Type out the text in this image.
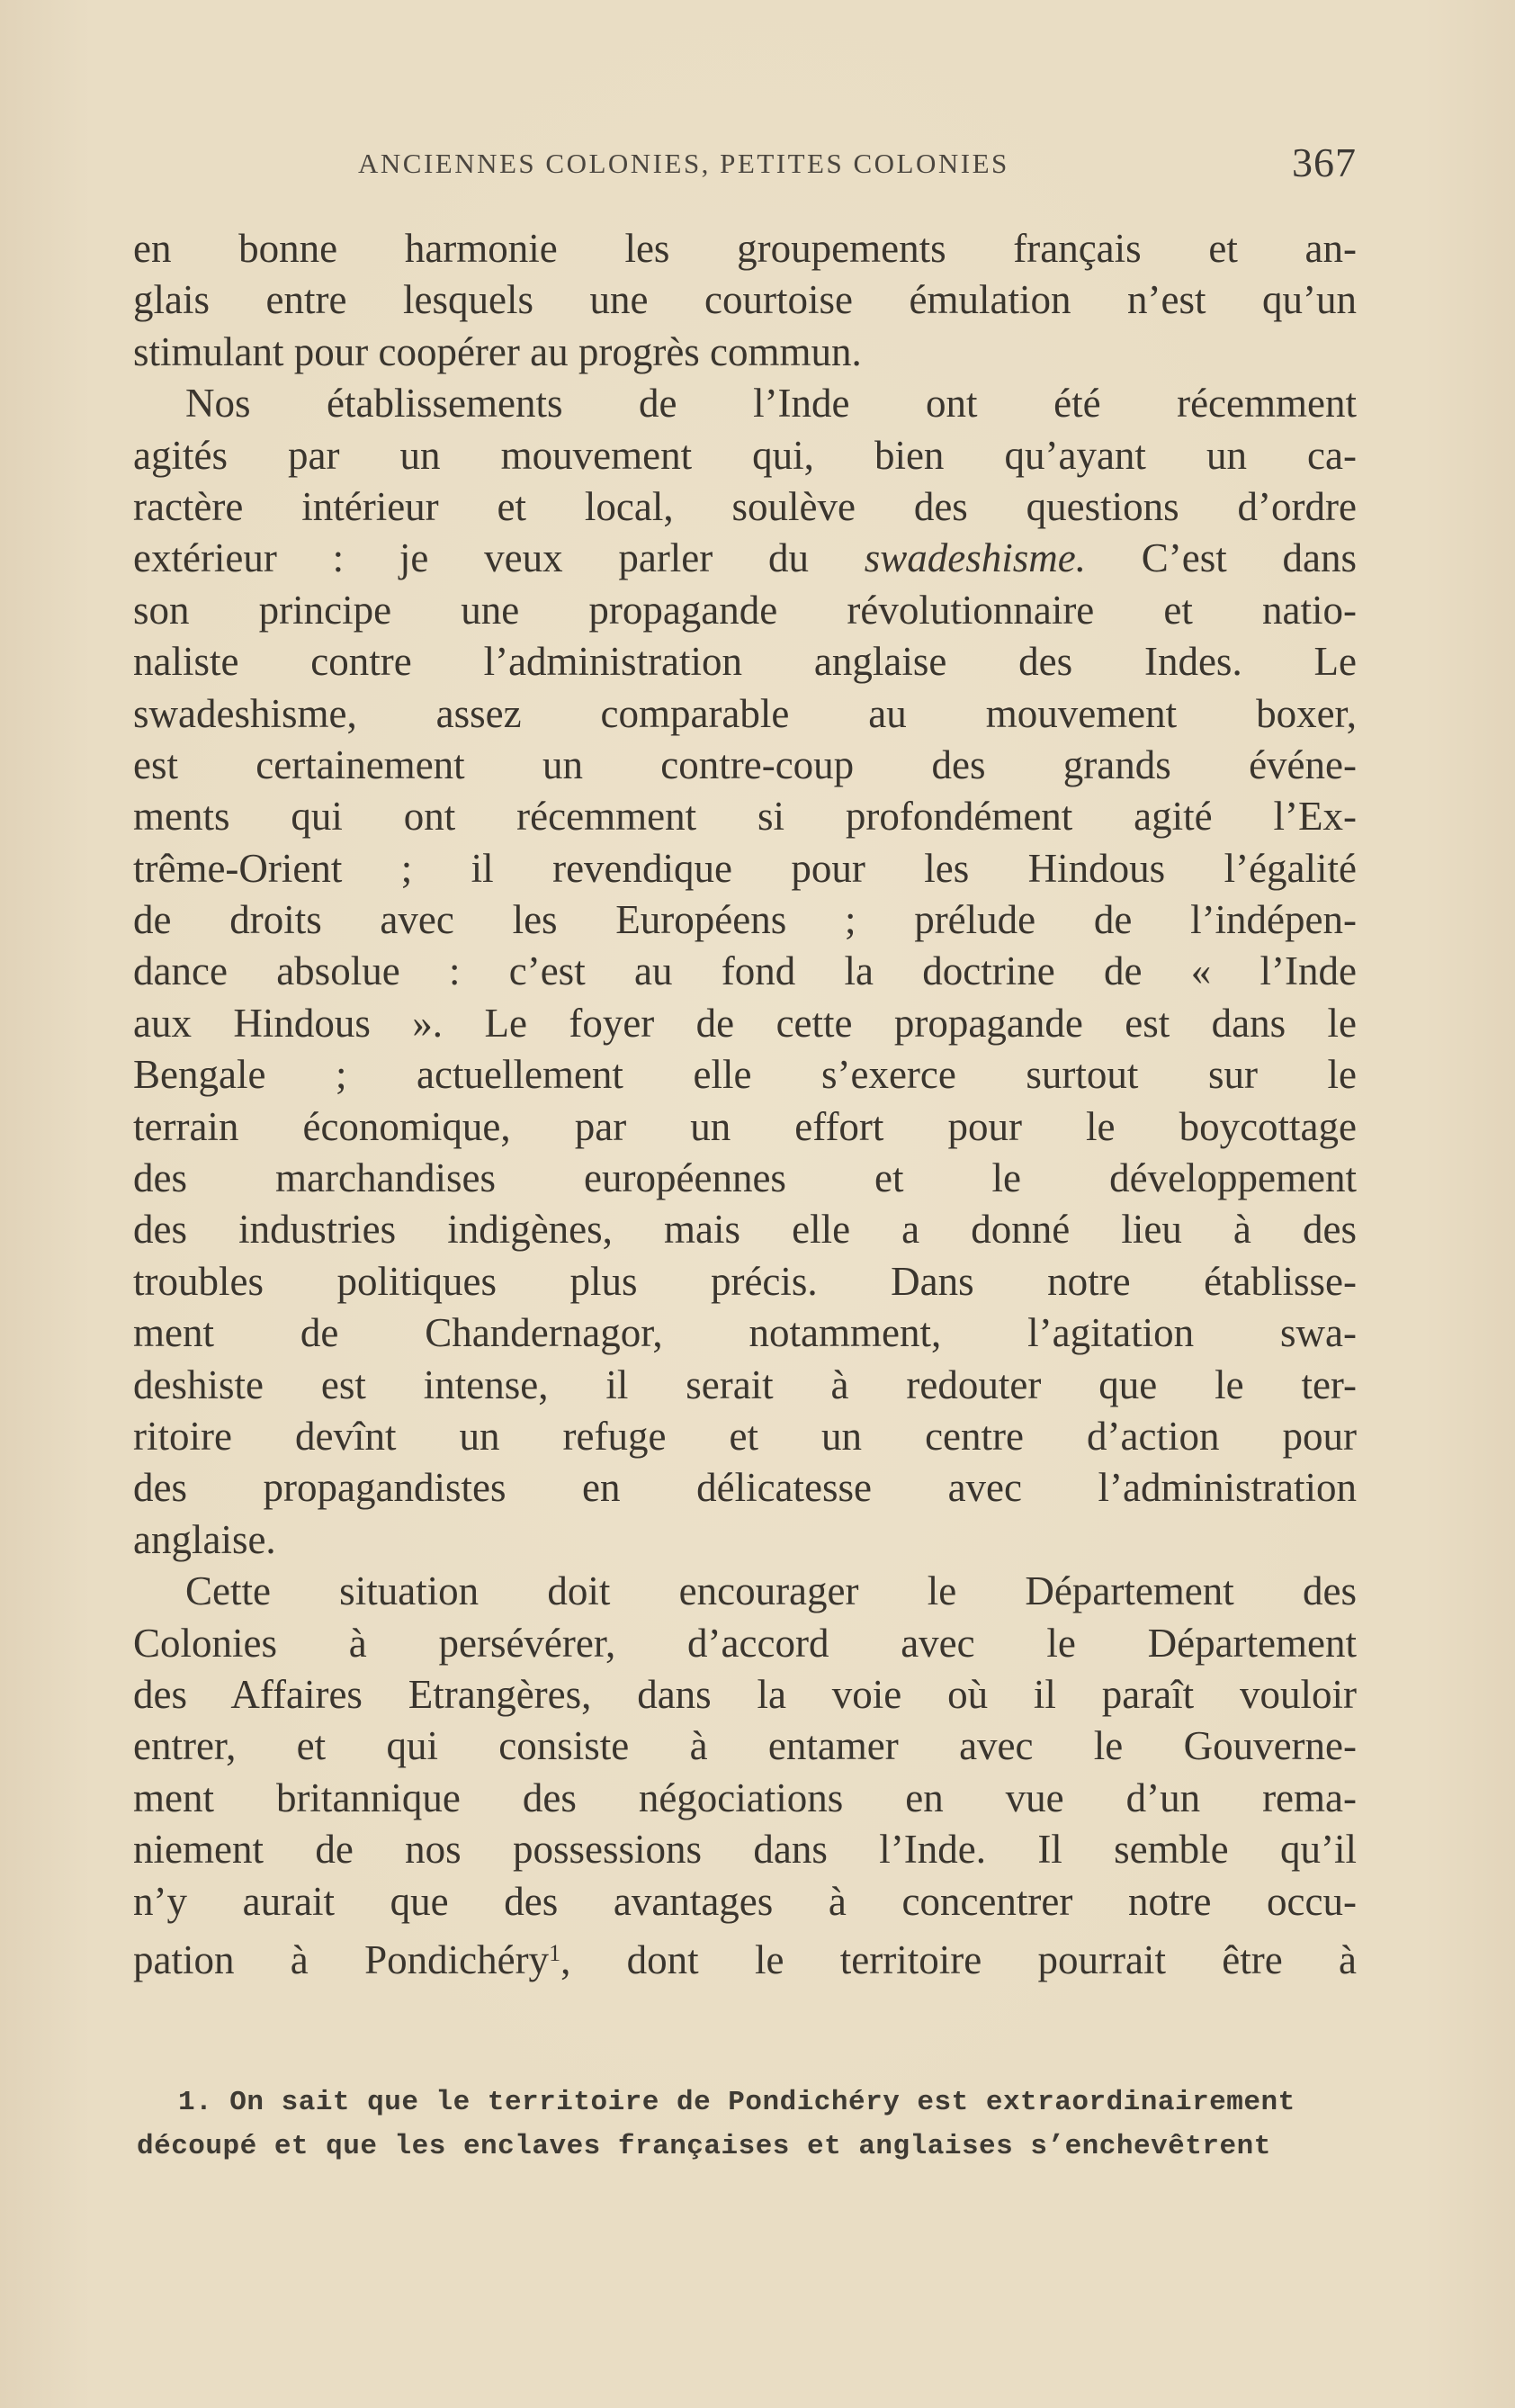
ANCIENNES COLONIES, PETITES COLONIES	367
en bonne harmonie les groupements français et an-
glais entre lesquels une courtoise émulation n’est qu’un
stimulant pour coopérer au progrès commun.
Nos établissements de l’Inde ont été récemment
agités par un mouvement qui, bien qu’ayant un ca-
ractère intérieur et local, soulève des questions d’ordre
extérieur : je veux parler du swadeshisme. C’est dans
son principe une propagande révolutionnaire et natio-
naliste contre l’administration anglaise des Indes. Le
swadeshisme, assez comparable au mouvement boxer,
est certainement un contre-coup des grands événe-
ments qui ont récemment si profondément agité l’Ex-
trême-Orient ; il revendique pour les Hindous l’égalité
de droits avec les Européens ; prélude de l’indépen-
dance absolue : c’est au fond la doctrine de « l’Inde
aux Hindous ». Le foyer de cette propagande est dans le
Bengale ; actuellement elle s’exerce surtout sur le
terrain économique, par un effort pour le boycottage
des marchandises européennes et le développement
des industries indigènes, mais elle a donné lieu à des
troubles politiques plus précis. Dans notre établisse-
ment de Chandernagor, notamment, l’agitation swa-
deshiste est intense, il serait à redouter que le ter-
ritoire devînt un refuge et un centre d’action pour
des propagandistes en délicatesse avec l’administration
anglaise.
Cette situation doit encourager le Département des
Colonies à persévérer, d’accord avec le Département
des Affaires Etrangères, dans la voie où il paraît vouloir
entrer, et qui consiste à entamer avec le Gouverne-
ment britannique des négociations en vue d’un rema-
niement de nos possessions dans l’Inde. Il semble qu’il
n’y aurait que des avantages à concentrer notre occu-
pation à Pondichéry$^1$, dont le territoire pourrait être à
1. On sait que le territoire de Pondichéry est extraordinairement
découpé et que les enclaves françaises et anglaises s’enchevêtrent
